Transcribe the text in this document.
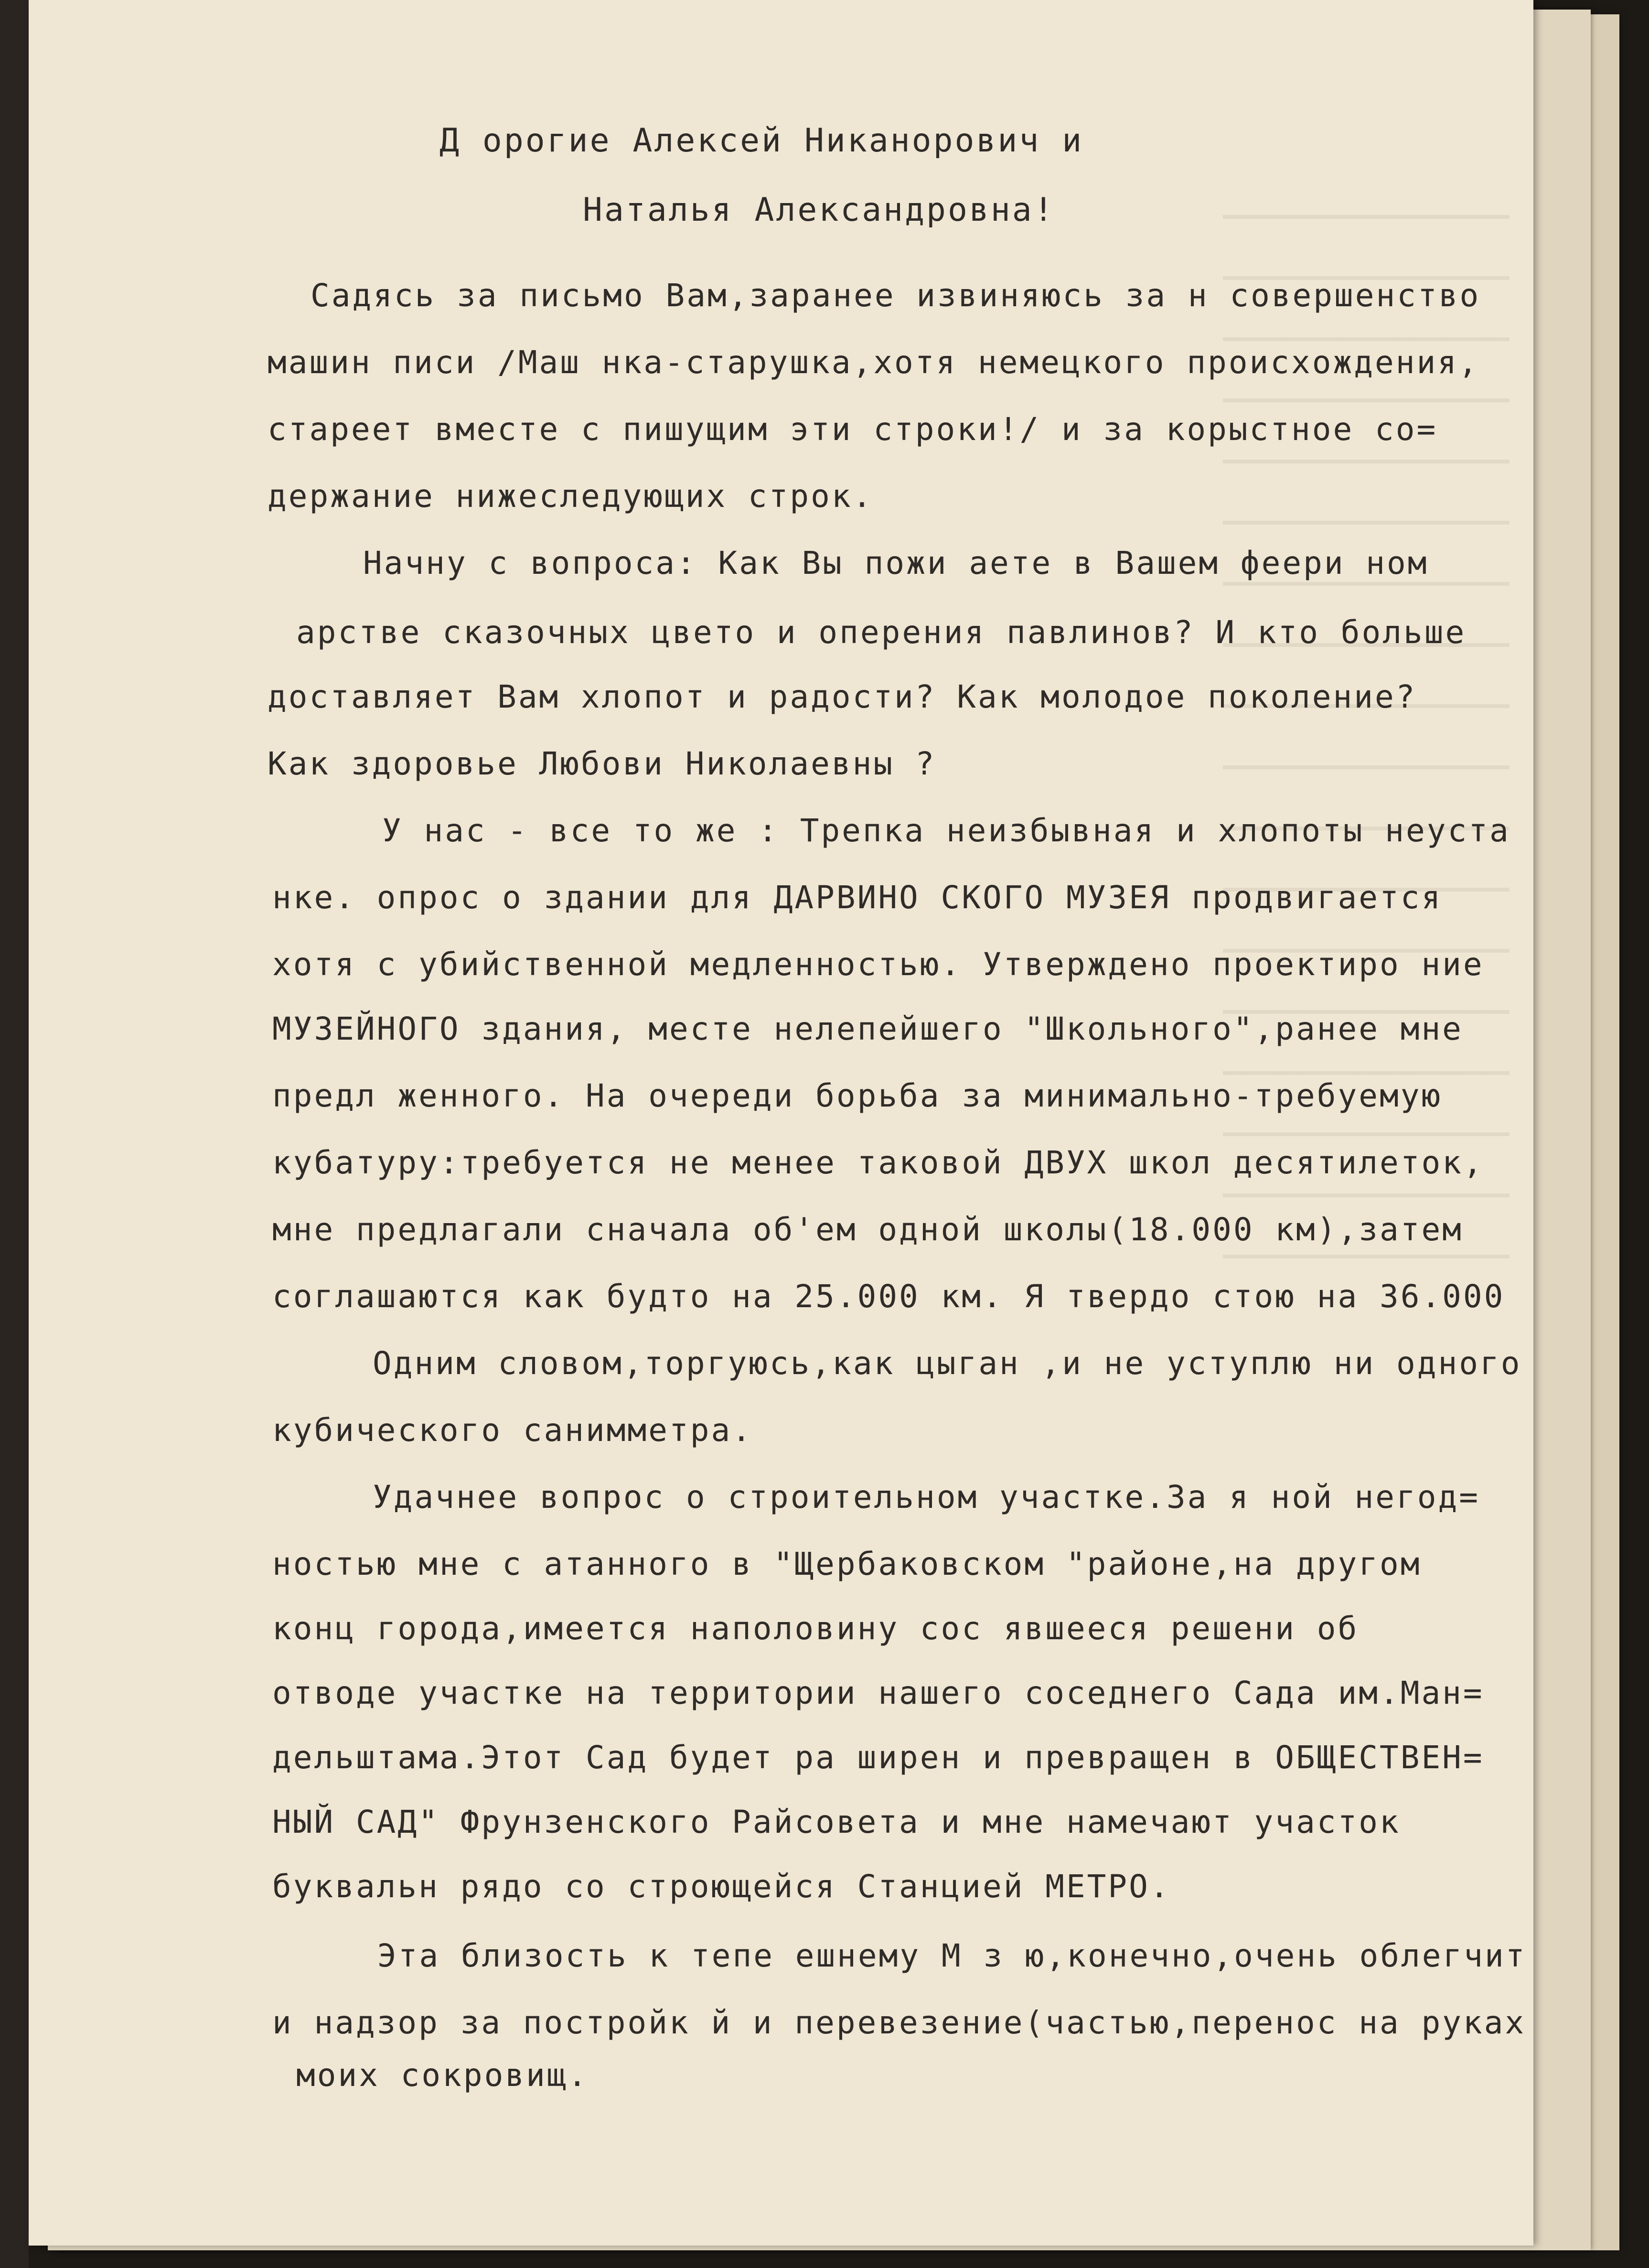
Д орогие Алексей Никанорович и
Наталья Александровна!
Садясь за письмо Вам,заранее извиняюсь за н совершенство
машин писи /Маш нка-старушка,хотя немецкого происхождения,
стареет вместе с пишущим эти строки!/ и за корыстное со=
держание нижеследующих строк.
Начну с вопроса: Как Вы пожи аете в Вашем феери ном
арстве сказочных цвето и оперения павлинов? И кто больше
доставляет Вам хлопот и радости? Как молодое поколение?
Как здоровье Любови Николаевны ?
У нас - все то же : Трепка неизбывная и хлопоты неуста
нке. опрос о здании для ДАРВИНО СКОГО МУЗЕЯ продвигается
хотя с убийственной медленностью. Утверждено проектиро ние
МУЗЕЙНОГО здания, месте нелепейшего "Школьного",ранее мне
предл женного. На очереди борьба за минимально-требуемую
кубатуру:требуется не менее таковой ДВУХ школ десятилеток,
мне предлагали сначала об'ем одной школы(18.000 км),затем
соглашаются как будто на 25.000 км. Я твердо стою на 36.000
Одним словом,торгуюсь,как цыган ,и не уступлю ни одного
кубического санимметра.
Удачнее вопрос о строительном участке.За я ной негод=
ностью мне с атанного в "Щербаковском "районе,на другом
конц города,имеется наполовину сос явшееся решени об
отводе участке на территории нашего соседнего Сада им.Ман=
дельштама.Этот Сад будет ра ширен и превращен в ОБЩЕСТВЕН=
НЫЙ САД" Фрунзенского Райсовета и мне намечают участок
буквальн рядо со строющейся Станцией МЕТРО.
Эта близость к тепе ешнему М з ю,конечно,очень облегчит
и надзор за постройк й и перевезение(частью,перенос на руках
моих сокровищ.
